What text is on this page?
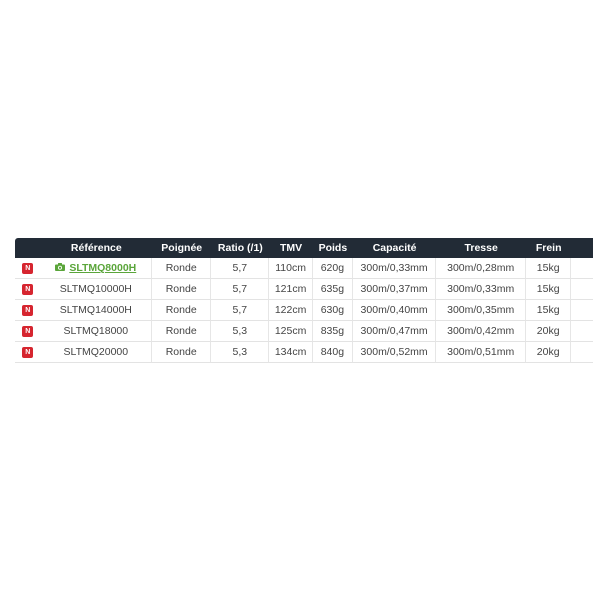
	Référence	Poignée	Ratio (/1)	TMV	Poids	Capacité	Tresse	Frein	
N	SLTMQ8000H	Ronde	5,7	110cm	620g	300m/0,33mm	300m/0,28mm	15kg	
N	SLTMQ10000H	Ronde	5,7	121cm	635g	300m/0,37mm	300m/0,33mm	15kg	
N	SLTMQ14000H	Ronde	5,7	122cm	630g	300m/0,40mm	300m/0,35mm	15kg	
N	SLTMQ18000	Ronde	5,3	125cm	835g	300m/0,47mm	300m/0,42mm	20kg	
N	SLTMQ20000	Ronde	5,3	134cm	840g	300m/0,52mm	300m/0,51mm	20kg	
